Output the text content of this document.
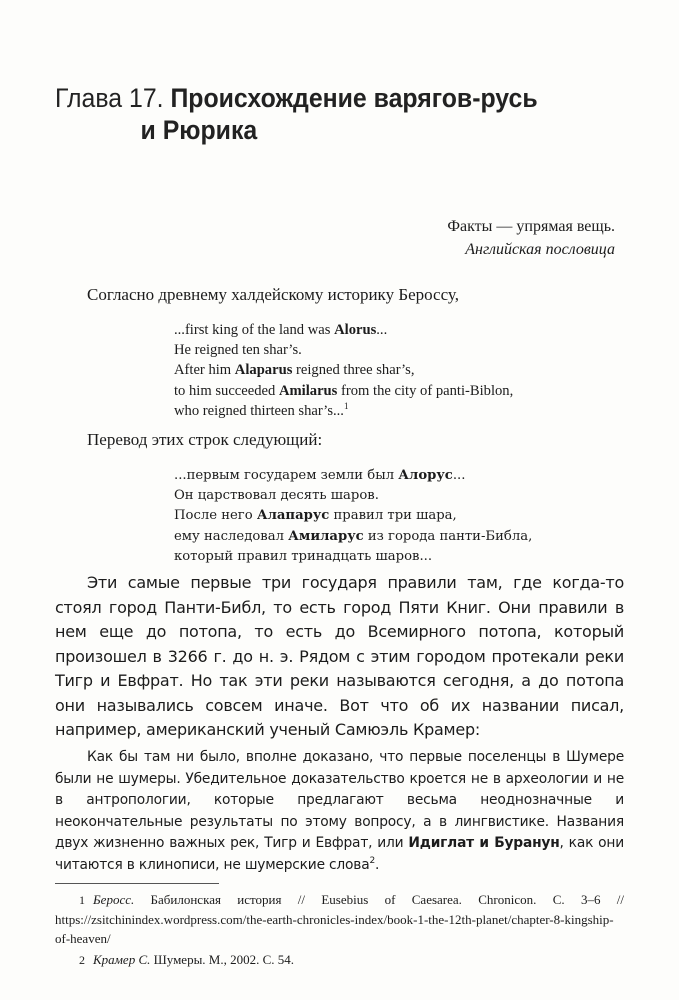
Глава 17. Происхождение варягов-русь
и Рюрика
Факты — упрямая вещь.
Английская пословица
Согласно древнему халдейскому историку Бероссу,
...first king of the land was Alorus...
He reigned ten shar’s.
After him Alaparus reigned three shar’s,
to him succeeded Amilarus from the city of panti-Biblon,
who reigned thirteen shar’s...$^1$
Перевод этих строк следующий:
...первым государем земли был Алорус...
Он царствовал десять шаров.
После него Алапарус правил три шара,
ему наследовал Амиларус из города панти-Библа,
который правил тринадцать шаров...

Эти самые первые три государя правили там, где когда-то стоял город Панти-Библ, то есть город Пяти Книг. Они правили в нем еще до потопа, то есть до Всемирного потопа, который произошел в 3266 г. до н. э. Рядом с этим городом протекали реки Тигр и Евфрат. Но так эти реки называются сегодня, а до потопа они назывались совсем иначе. Вот что об их названии писал, например, американский ученый Самюэль Крамер:

Как бы там ни было, вполне доказано, что первые поселенцы в Шумере были не шумеры. Убедительное доказательство кроется не в археологии и не в антропологии, которые предлагают весьма неоднозначные и неокончательные результаты по этому вопросу, а в лингвистике. Названия двух жизненно важных рек, Тигр и Евфрат, или Идиглат и Буранун, как они читаются в клинописи, не шумерские слова$^2$.

1 Беросс. Бабилонская история // Eusebius of Caesarea. Chronicon. С. 3–6 // https://zsitchinindex.wordpress.com/the-earth-chronicles-index/book-1-the-12th-planet/chapter-8-kingship-of-heaven/
2 Крамер С. Шумеры. М., 2002. С. 54.
